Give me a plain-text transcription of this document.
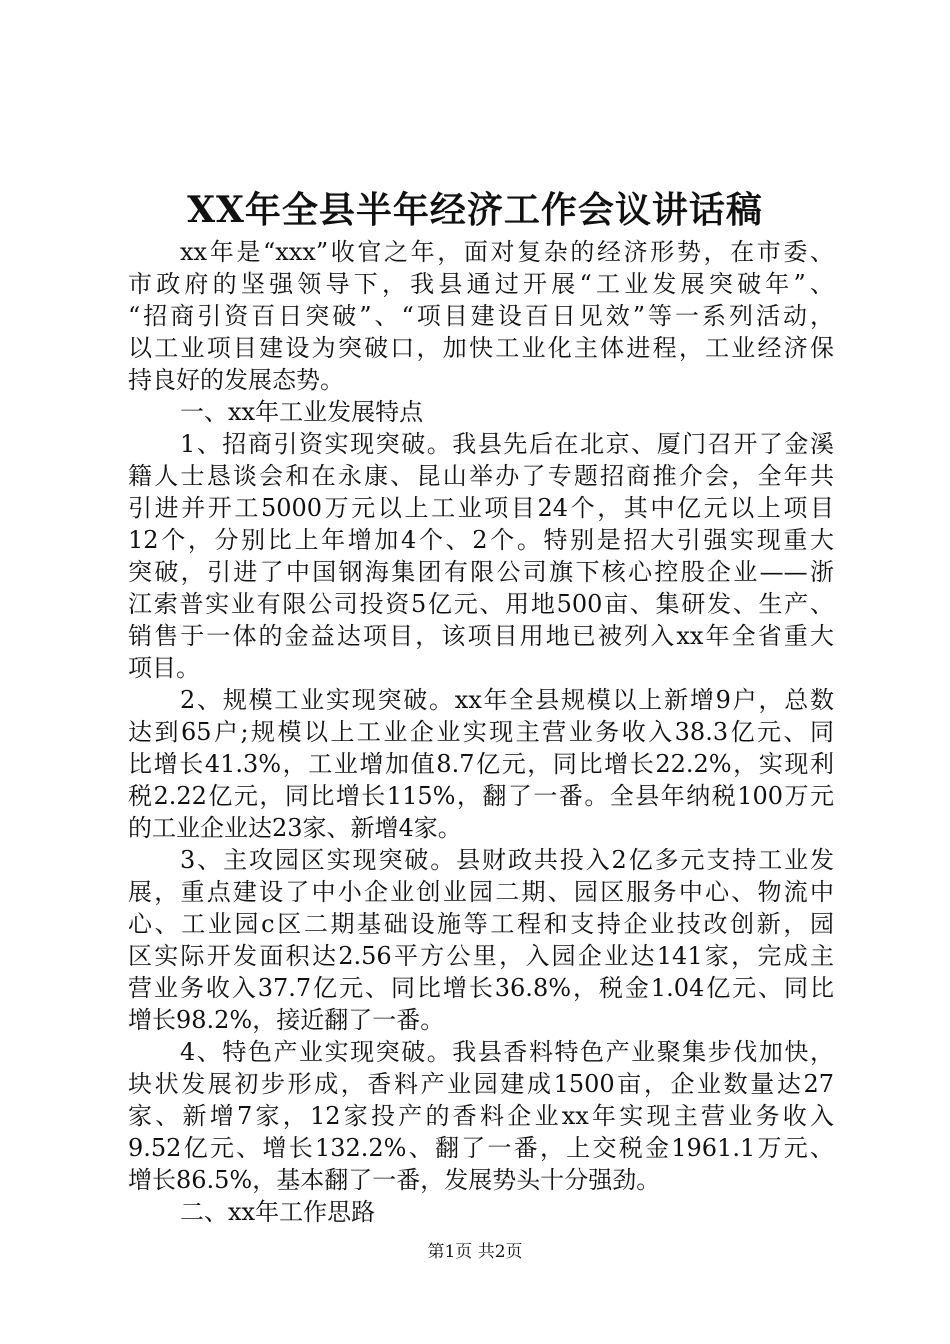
XX年全县半年经济工作会议讲话稿
xx年是“xxx”收官之年，面对复杂的经济形势，在市委、
市政府的坚强领导下，我县通过开展“工业发展突破年”、
“招商引资百日突破”、“项目建设百日见效”等一系列活动，
以工业项目建设为突破口，加快工业化主体进程，工业经济保
持良好的发展态势。
一、xx年工业发展特点
1、招商引资实现突破。我县先后在北京、厦门召开了金溪
籍人士恳谈会和在永康、昆山举办了专题招商推介会，全年共
引进并开工5000万元以上工业项目24个，其中亿元以上项目
12个，分别比上年增加4个、2个。特别是招大引强实现重大
突破，引进了中国钢海集团有限公司旗下核心控股企业——浙
江索普实业有限公司投资5亿元、用地500亩、集研发、生产、
销售于一体的金益达项目，该项目用地已被列入xx年全省重大
项目。
2、规模工业实现突破。xx年全县规模以上新增9户，总数
达到65户;规模以上工业企业实现主营业务收入38.3亿元、同
比增长41.3%，工业增加值8.7亿元，同比增长22.2%，实现利
税2.22亿元，同比增长115%，翻了一番。全县年纳税100万元
的工业企业达23家、新增4家。
3、主攻园区实现突破。县财政共投入2亿多元支持工业发
展，重点建设了中小企业创业园二期、园区服务中心、物流中
心、工业园c区二期基础设施等工程和支持企业技改创新，园
区实际开发面积达2.56平方公里，入园企业达141家，完成主
营业务收入37.7亿元、同比增长36.8%，税金1.04亿元、同比
增长98.2%，接近翻了一番。
4、特色产业实现突破。我县香料特色产业聚集步伐加快，
块状发展初步形成，香料产业园建成1500亩，企业数量达27
家、新增7家，12家投产的香料企业xx年实现主营业务收入
9.52亿元、增长132.2%、翻了一番，上交税金1961.1万元、
增长86.5%，基本翻了一番，发展势头十分强劲。
二、xx年工作思路
第1页 共2页
